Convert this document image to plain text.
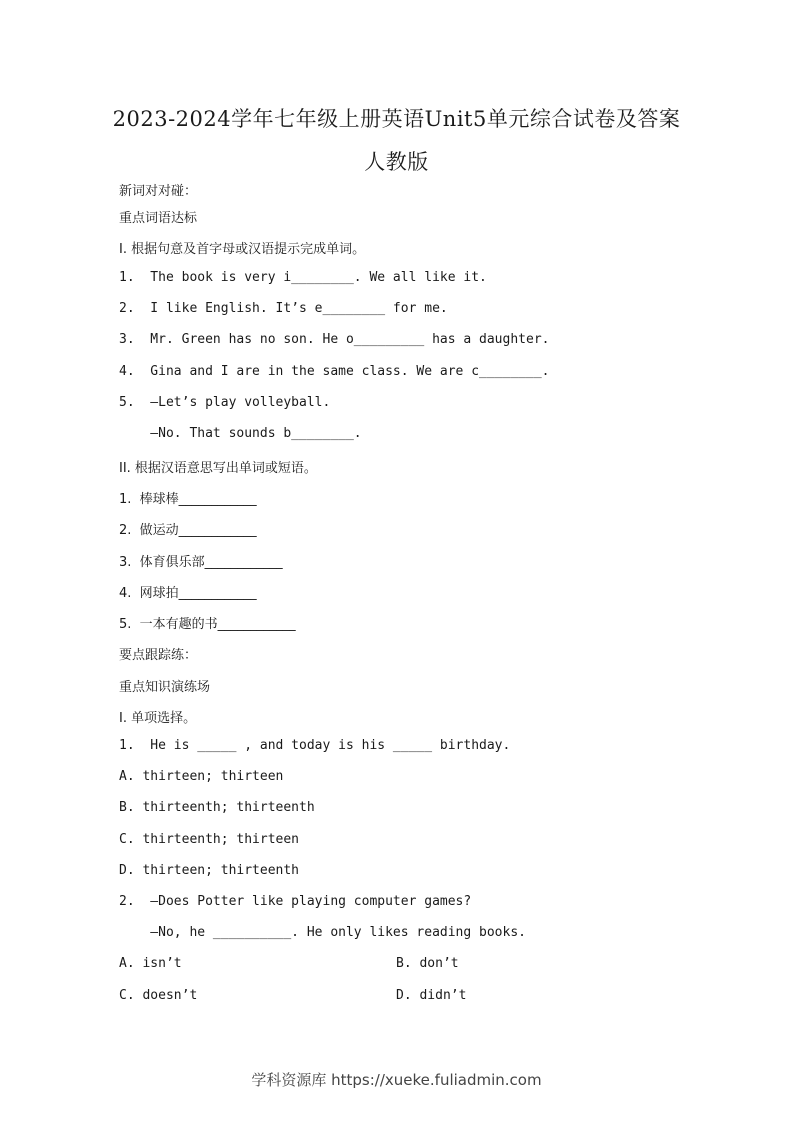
2023-2024学年七年级上册英语Unit5单元综合试卷及答案
人教版
新词对对碰：
重点词语达标
I. 根据句意及首字母或汉语提示完成单词。
1.  The book is very i________. We all like it.
2.  I like English. It’s e________ for me.
3.  Mr. Green has no son. He o_________ has a daughter.
4.  Gina and I are in the same class. We are c________.
5.  —Let’s play volleyball.
—No. That sounds b________.
II. 根据汉语意思写出单词或短语。
1.  棒球棒____________
2.  做运动____________
3.  体育俱乐部____________
4.  网球拍____________
5.  一本有趣的书____________
要点跟踪练：
重点知识演练场
I. 单项选择。
1.  He is _____ , and today is his _____ birthday.
A. thirteen; thirteen
B. thirteenth; thirteenth
C. thirteenth; thirteen
D. thirteen; thirteenth
2.  —Does Potter like playing computer games?
—No, he __________. He only likes reading books.
A. isn’t	B. don’t
C. doesn’t	D. didn’t
学科资源库 https://xueke.fuliadmin.com
